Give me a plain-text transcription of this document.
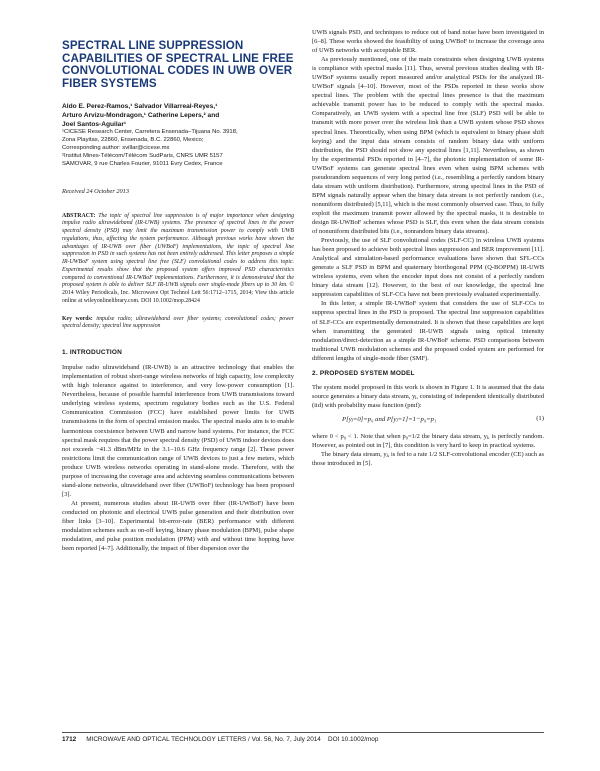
SPECTRAL LINE SUPPRESSION CAPABILITIES OF SPECTRAL LINE FREE CONVOLUTIONAL CODES IN UWB OVER FIBER SYSTEMS

Aldo E. Perez-Ramos,¹ Salvador Villarreal-Reyes,¹

Arturo Arvizu-Mondragon,¹ Catherine Lepers,² and

Joel Santos-Aguilar¹

¹CICESE Research Center, Carretera Ensenada–Tijuana No. 3918,

Zona Playitas, 22860, Ensenada, B.C. 22860, Mexico;

Corresponding author: svillar@cicese.mx

²Institut Mines-Télécom/Télécom SudParis, CNRS UMR 5157

SAMOVAR, 9 rue Charles Fourier, 91011 Evry Cedex, France

Received 24 October 2013

ABSTRACT: The topic of spectral line suppression is of major importance when designing impulse radio ultrawideband (IR-UWB) systems. The presence of spectral lines in the power spectral density (PSD) may limit the maximum transmission power to comply with UWB regulations, thus, affecting the system performance. Although previous works have shown the advantages of IR-UWB over fiber (UWBoF) implementations, the topic of spectral line suppression in PSD in such systems has not been entirely addressed. This letter proposes a simple IR-UWBoF system using spectral line free (SLF) convolutional codes to address this topic. Experimental results show that the proposed system offers improved PSD characteristics compared to conventional IR-UWBoF implementations. Furthermore, it is demonstrated that the proposed system is able to deliver SLF IR-UWB signals over single-mode fibers up to 30 km. © 2014 Wiley Periodicals, Inc. Microwave Opt Technol Lett 56:1712–1715, 2014; View this article online at wileyonlinelibrary.com. DOI 10.1002/mop.28424

Key words: impulse radio; ultrawideband over fiber systems; convolutional codes; power spectral density; spectral line suppression

1. INTRODUCTION

Impulse radio ultrawideband (IR-UWB) is an attractive technology that enables the implementation of robust short-range wireless networks of high capacity, low complexity with high tolerance against to interference, and very low-power consumption [1]. Nevertheless, because of possible harmful interference from UWB transmissions toward underlying wireless systems, spectrum regulatory bodies such as the U.S. Federal Communication Commission (FCC) have established power limits for UWB transmissions in the form of spectral emission masks. The spectral masks aim is to enable harmonious coexistence between UWB and narrow band systems. For instance, the FCC spectral mask requires that the power spectral density (PSD) of UWB indoor devices does not exceeds −41.3 dBm/MHz in the 3.1–10.6 GHz frequency range [2]. These power restrictions limit the communication range of UWB devices to just a few meters, which produce UWB wireless networks operating in stand-alone mode. Therefore, with the purpose of increasing the coverage area and achieving seamless communications between stand-alone networks, ultrawideband over fiber (UWBoF) technology has been proposed [3].

At present, numerous studies about IR-UWB over fiber (IR-UWBoF) have been conducted on photonic and electrical UWB pulse generation and their distribution over fiber links [3–10]. Experimental bit-error-rate (BER) performance with different modulation schemes such as on-off keying, binary phase modulation (BPM), pulse shape modulation, and pulse position modulation (PPM) with and without time hopping have been reported [4–7]. Additionally, the impact of fiber dispersion over the

UWB signals PSD, and techniques to reduce out of band noise have been investigated in [6–8]. These works showed the feasibility of using UWBoF to increase the coverage area of UWB networks with acceptable BER.

As previously mentioned, one of the main constraints when designing UWB systems is compliance with spectral masks [11]. Thus, several previous studies dealing with IR-UWBoF systems usually report measured and/or analytical PSDs for the analyzed IR-UWBoF signals [4–10]. However, most of the PSDs reported in these works show spectral lines. The problem with the spectral lines presence is that the maximum achievable transmit power has to be reduced to comply with the spectral masks. Comparatively, an UWB system with a spectral line free (SLF) PSD will be able to transmit with more power over the wireless link than a UWB system whose PSD shows spectral lines. Theoretically, when using BPM (which is equivalent to binary phase shift keying) and the input data stream consists of random binary data with uniform distribution, the PSD should not show any spectral lines [1,11]. Nevertheless, as shown by the experimental PSDs reported in [4–7], the photonic implementation of some IR-UWBoF systems can generate spectral lines even when using BPM schemes with pseudorandom sequences of very long period (i.e., resembling a perfectly random binary data stream with uniform distribution). Furthermore, strong spectral lines in the PSD of BPM signals naturally appear when the binary data stream is not perfectly random (i.e., nonuniform distributed) [5,11], which is the most commonly observed case. Thus, to fully exploit the maximum transmit power allowed by the spectral masks, it is desirable to design IR-UWBoF schemes whose PSD is SLF, this even when the data stream consists of nonuniform distributed bits (i.e., nonrandom binary data streams).

Previously, the use of SLF convolutional codes (SLF-CC) in wireless UWB systems has been proposed to achieve both spectral lines suppression and BER improvement [11]. Analytical and simulation-based performance evaluations have shown that SFL-CCs generate a SLF PSD in BPM and quaternary biorthogonal PPM (Q-BOPPM) IR-UWB wireless systems, even when the encoder input does not consist of a perfectly random binary data stream [12]. However, to the best of our knowledge, the spectral line suppression capabilities of SLF-CCs have not been previously evaluated experimentally.

In this letter, a simple IR-UWBoF system that considers the use of SLF-CCs to suppress spectral lines in the PSD is proposed. The spectral line suppression capabilities of SLF-CCs are experimentally demonstrated. It is shown that these capabilities are kept when transmitting the generated IR-UWB signals using optical intensity modulation/direct-detection as a simple IR-UWBoF scheme. PSD comparisons between traditional UWB modulation schemes and the proposed coded system are performed for different lengths of single-mode fiber (SMF).

2. PROPOSED SYSTEM MODEL

The system model proposed in this work is shown in Figure 1. It is assumed that the data source generates a binary data stream, yⱼ, consisting of independent identically distributed (iid) with probability mass function (pmf):

P[yⱼ=0]=p₀ and P[yⱼ=1]=1−p₀=p₁	(1)

where 0 < p₀ < 1. Note that when p₀=1/2 the binary data stream, yⱼ, is perfectly random. However, as pointed out in [7], this condition is very hard to keep in practical systems.

The binary data stream, yⱼ, is fed to a rate 1/2 SLF-convolutional encoder (CE) such as those introduced in [5].

1712 MICROWAVE AND OPTICAL TECHNOLOGY LETTERS / Vol. 56, No. 7, July 2014 DOI 10.1002/mop
